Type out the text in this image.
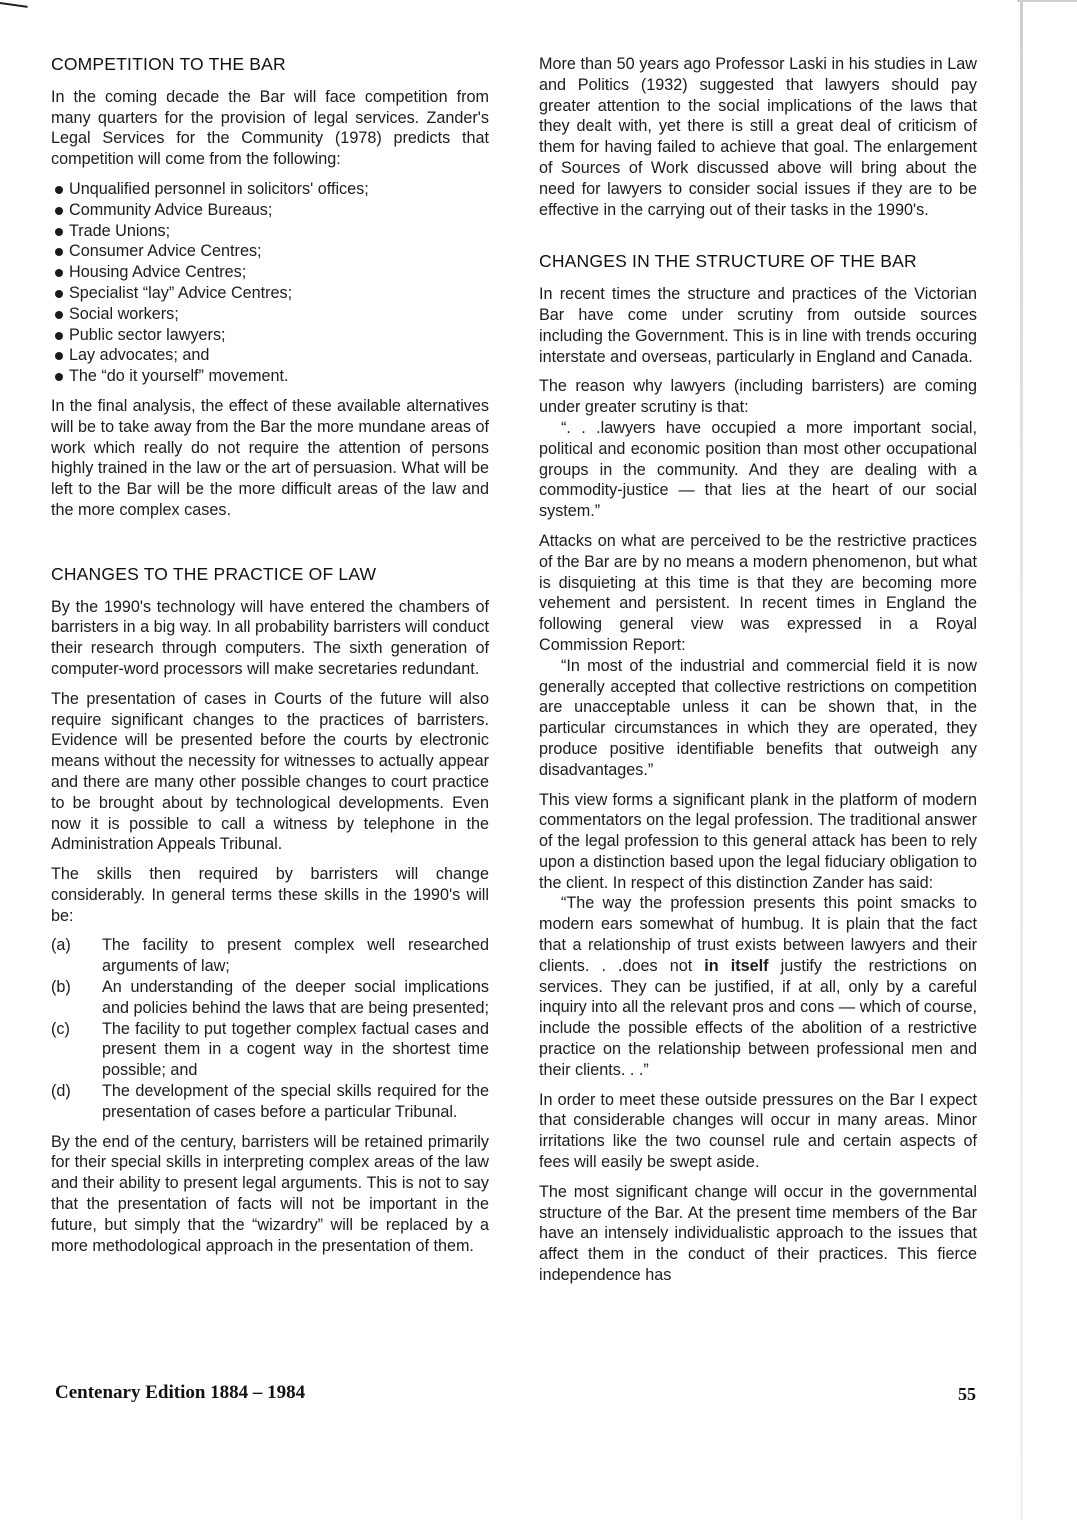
COMPETITION TO THE BAR

In the coming decade the Bar will face competition from many quarters for the provision of legal services. Zander's Legal Services for the Community (1978) predicts that competition will come from the following:

Unqualified personnel in solicitors' offices;
Community Advice Bureaus;
Trade Unions;
Consumer Advice Centres;
Housing Advice Centres;
Specialist “lay” Advice Centres;
Social workers;
Public sector lawyers;
Lay advocates; and
The “do it yourself” movement.

In the final analysis, the effect of these available alternatives will be to take away from the Bar the more mundane areas of work which really do not require the attention of persons highly trained in the law or the art of persuasion. What will be left to the Bar will be the more difficult areas of the law and the more complex cases.

CHANGES TO THE PRACTICE OF LAW

By the 1990's technology will have entered the chambers of barristers in a big way. In all probability barristers will conduct their research through computers. The sixth generation of computer-word processors will make secretaries redundant.

The presentation of cases in Courts of the future will also require significant changes to the practices of barristers. Evidence will be presented before the courts by electronic means without the necessity for witnesses to actually appear and there are many other possible changes to court practice to be brought about by technological developments. Even now it is possible to call a witness by telephone in the Administration Appeals Tribunal.

The skills then required by barristers will change considerably. In general terms these skills in the 1990's will be:

(a) The facility to present complex well researched arguments of law;
(b) An understanding of the deeper social implications and policies behind the laws that are being presented;
(c) The facility to put together complex factual cases and present them in a cogent way in the shortest time possible; and
(d) The development of the special skills required for the presentation of cases before a particular Tribunal.

By the end of the century, barristers will be retained primarily for their special skills in interpreting complex areas of the law and their ability to present legal arguments. This is not to say that the presentation of facts will not be important in the future, but simply that the “wizardry” will be replaced by a more methodological approach in the presentation of them.

More than 50 years ago Professor Laski in his studies in Law and Politics (1932) suggested that lawyers should pay greater attention to the social implications of the laws that they dealt with, yet there is still a great deal of criticism of them for having failed to achieve that goal. The enlargement of Sources of Work discussed above will bring about the need for lawyers to consider social issues if they are to be effective in the carrying out of their tasks in the 1990's.

CHANGES IN THE STRUCTURE OF THE BAR

In recent times the structure and practices of the Victorian Bar have come under scrutiny from outside sources including the Government. This is in line with trends occuring interstate and overseas, particularly in England and Canada.

The reason why lawyers (including barristers) are coming under greater scrutiny is that:

“. . .lawyers have occupied a more important social, political and economic position than most other occupational groups in the community. And they are dealing with a commodity-justice — that lies at the heart of our social system.”

Attacks on what are perceived to be the restrictive practices of the Bar are by no means a modern phenomenon, but what is disquieting at this time is that they are becoming more vehement and persistent. In recent times in England the following general view was expressed in a Royal Commission Report:

“In most of the industrial and commercial field it is now generally accepted that collective restrictions on competition are unacceptable unless it can be shown that, in the particular circumstances in which they are operated, they produce positive identifiable benefits that outweigh any disadvantages.”

This view forms a significant plank in the platform of modern commentators on the legal profession. The traditional answer of the legal profession to this general attack has been to rely upon a distinction based upon the legal fiduciary obligation to the client. In respect of this distinction Zander has said:

“The way the profession presents this point smacks to modern ears somewhat of humbug. It is plain that the fact that a relationship of trust exists between lawyers and their clients. . .does not in itself justify the restrictions on services. They can be justified, if at all, only by a careful inquiry into all the relevant pros and cons — which of course, include the possible effects of the abolition of a restrictive practice on the relationship between professional men and their clients. . .”

In order to meet these outside pressures on the Bar I expect that considerable changes will occur in many areas. Minor irritations like the two counsel rule and certain aspects of fees will easily be swept aside.

The most significant change will occur in the governmental structure of the Bar. At the present time members of the Bar have an intensely individualistic approach to the issues that affect them in the conduct of their practices. This fierce independence has

Centenary Edition 1884 – 1984	55
